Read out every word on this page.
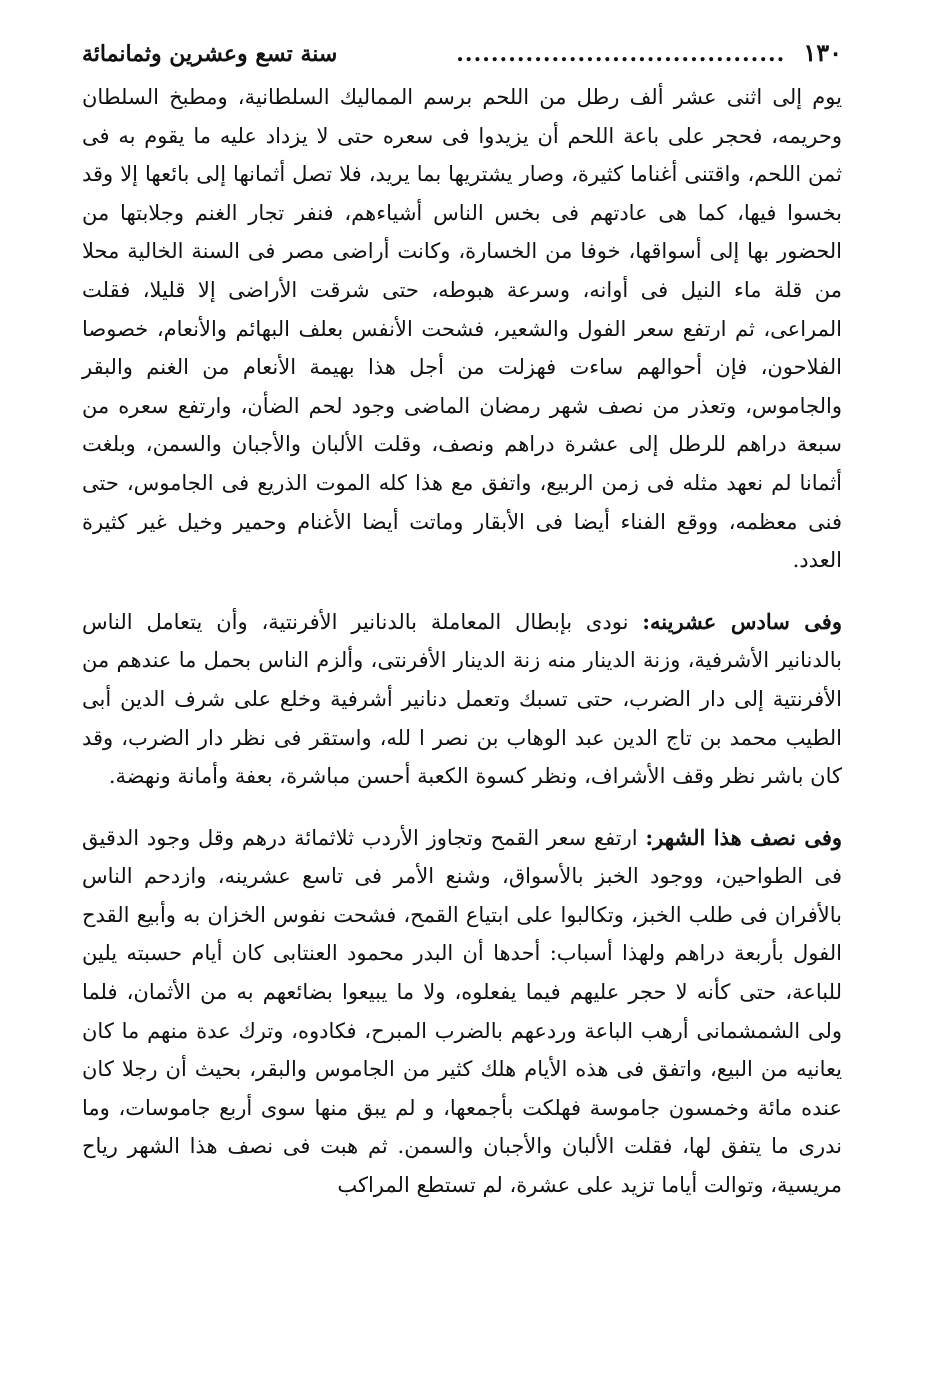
١٣٠
......................................
سنة تسع وعشرين وثمانمائة

يوم إلى اثنى عشر ألف رطل من اللحم برسم المماليك السلطانية، ومطبخ السلطان وحريمه، فحجر على باعة اللحم أن يزيدوا فى سعره حتى لا يزداد عليه ما يقوم به فى ثمن اللحم، واقتنى أغناما كثيرة، وصار يشتريها بما يريد، فلا تصل أثمانها إلى بائعها إلا وقد بخسوا فيها، كما هى عادتهم فى بخس الناس أشياءهم، فنفر تجار الغنم وجلابتها من الحضور بها إلى أسواقها، خوفا من الخسارة، وكانت أراضى مصر فى السنة الخالية محلا من قلة ماء النيل فى أوانه، وسرعة هبوطه، حتى شرقت الأراضى إلا قليلا، فقلت المراعى، ثم ارتفع سعر الفول والشعير، فشحت الأنفس بعلف البهائم والأنعام، خصوصا الفلاحون، فإن أحوالهم ساءت فهزلت من أجل هذا بهيمة الأنعام من الغنم والبقر والجاموس، وتعذر من نصف شهر رمضان الماضى وجود لحم الضأن، وارتفع سعره من سبعة دراهم للرطل إلى عشرة دراهم ونصف، وقلت الألبان والأجبان والسمن، وبلغت أثمانا لم نعهد مثله فى زمن الربيع، واتفق مع هذا كله الموت الذريع فى الجاموس، حتى فنى معظمه، ووقع الفناء أيضا فى الأبقار وماتت أيضا الأغنام وحمير وخيل غير كثيرة العدد.

وفى سادس عشرينه: نودى بإبطال المعاملة بالدنانير الأفرنتية، وأن يتعامل الناس بالدنانير الأشرفية، وزنة الدينار منه زنة الدينار الأفرنتى، وألزم الناس بحمل ما عندهم من الأفرنتية إلى دار الضرب، حتى تسبك وتعمل دنانير أشرفية وخلع على شرف الدين أبى الطيب محمد بن تاج الدين عبد الوهاب بن نصر ا لله، واستقر فى نظر دار الضرب، وقد كان باشر نظر وقف الأشراف، ونظر كسوة الكعبة أحسن مباشرة، بعفة وأمانة ونهضة.

وفى نصف هذا الشهر: ارتفع سعر القمح وتجاوز الأردب ثلاثمائة درهم وقل وجود الدقيق فى الطواحين، ووجود الخبز بالأسواق، وشنع الأمر فى تاسع عشرينه، وازدحم الناس بالأفران فى طلب الخبز، وتكالبوا على ابتياع القمح، فشحت نفوس الخزان به وأبيع القدح الفول بأربعة دراهم ولهذا أسباب: أحدها أن البدر محمود العنتابى كان أيام حسبته يلين للباعة، حتى كأنه لا حجر عليهم فيما يفعلوه، ولا ما يبيعوا بضائعهم به من الأثمان، فلما ولى الشمشمانى أرهب الباعة وردعهم بالضرب المبرح، فكادوه، وترك عدة منهم ما كان يعانيه من البيع، واتفق فى هذه الأيام هلك كثير من الجاموس والبقر، بحيث أن رجلا كان عنده مائة وخمسون جاموسة فهلكت بأجمعها، و لم يبق منها سوى أربع جاموسات، وما ندرى ما يتفق لها، فقلت الألبان والأجبان والسمن. ثم هبت فى نصف هذا الشهر رياح مريسية، وتوالت أياما تزيد على عشرة، لم تستطع المراكب
